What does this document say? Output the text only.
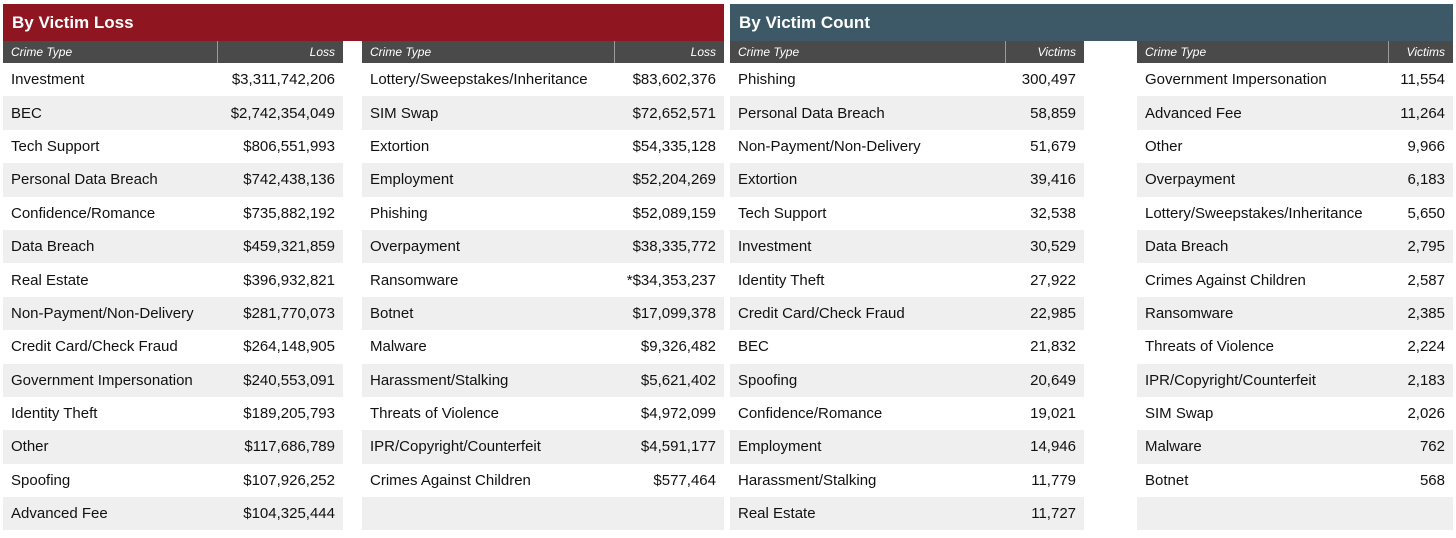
By Victim Loss
Crime Type	Loss
Investment	$3,311,742,206
BEC	$2,742,354,049
Tech Support	$806,551,993
Personal Data Breach	$742,438,136
Confidence/Romance	$735,882,192
Data Breach	$459,321,859
Real Estate	$396,932,821
Non-Payment/Non-Delivery	$281,770,073
Credit Card/Check Fraud	$264,148,905
Government Impersonation	$240,553,091
Identity Theft	$189,205,793
Other	$117,686,789
Spoofing	$107,926,252
Advanced Fee	$104,325,444
Crime Type	Loss
Lottery/Sweepstakes/Inheritance	$83,602,376
SIM Swap	$72,652,571
Extortion	$54,335,128
Employment	$52,204,269
Phishing	$52,089,159
Overpayment	$38,335,772
Ransomware	*$34,353,237
Botnet	$17,099,378
Malware	$9,326,482
Harassment/Stalking	$5,621,402
Threats of Violence	$4,972,099
IPR/Copyright/Counterfeit	$4,591,177
Crimes Against Children	$577,464
By Victim Count
Crime Type	Victims
Phishing	300,497
Personal Data Breach	58,859
Non-Payment/Non-Delivery	51,679
Extortion	39,416
Tech Support	32,538
Investment	30,529
Identity Theft	27,922
Credit Card/Check Fraud	22,985
BEC	21,832
Spoofing	20,649
Confidence/Romance	19,021
Employment	14,946
Harassment/Stalking	11,779
Real Estate	11,727
Crime Type	Victims
Government Impersonation	11,554
Advanced Fee	11,264
Other	9,966
Overpayment	6,183
Lottery/Sweepstakes/Inheritance	5,650
Data Breach	2,795
Crimes Against Children	2,587
Ransomware	2,385
Threats of Violence	2,224
IPR/Copyright/Counterfeit	2,183
SIM Swap	2,026
Malware	762
Botnet	568
